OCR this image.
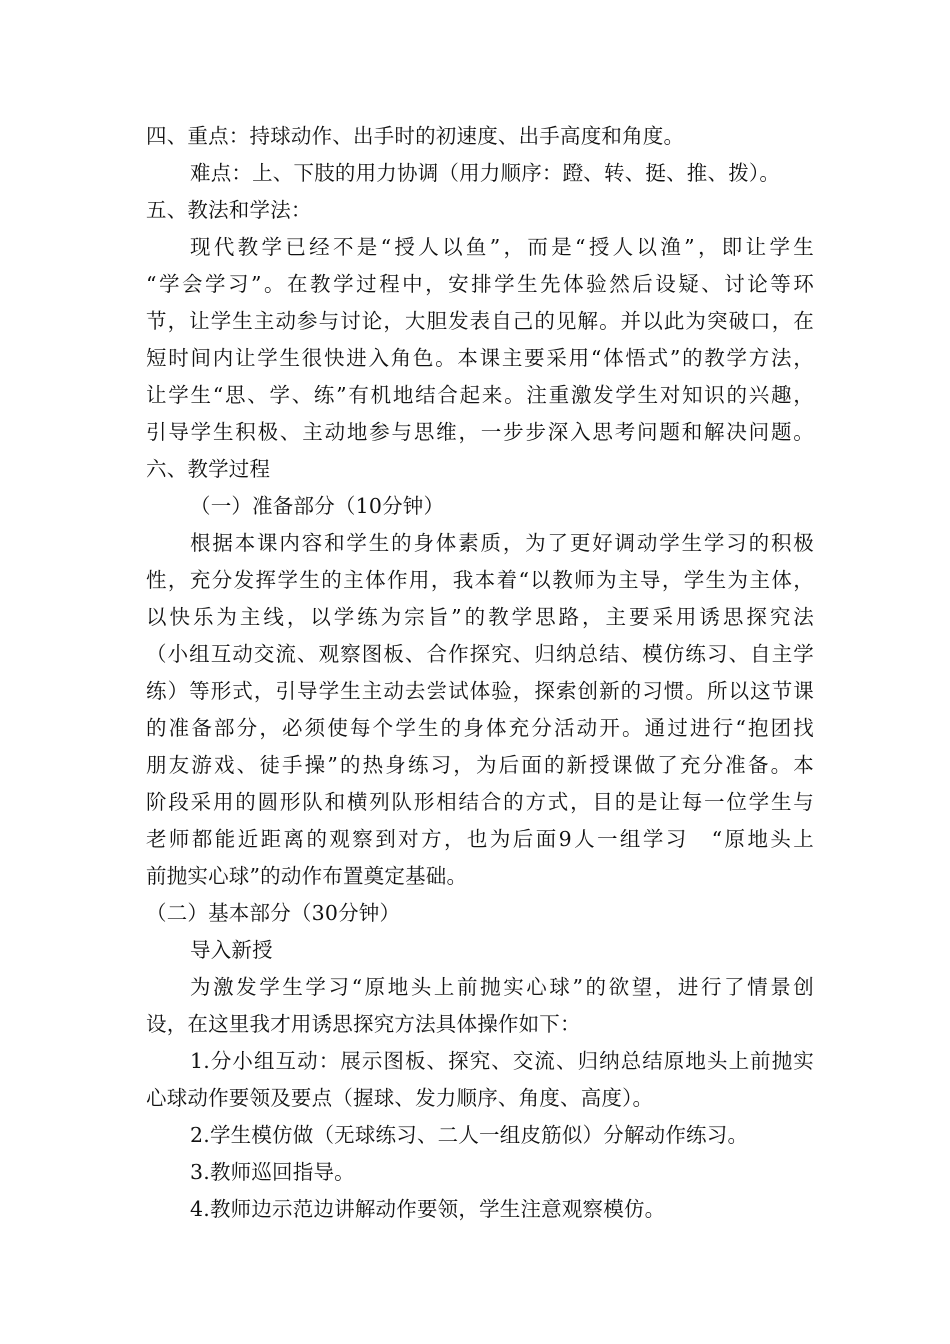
四、重点：持球动作、出手时的初速度、出手高度和角度。
难点：上、下肢的用力协调（用力顺序：蹬、转、挺、推、拨）。
五、教法和学法：
现代教学已经不是“授人以鱼”，而是“授人以渔”，即让学生
“学会学习”。在教学过程中，安排学生先体验然后设疑、讨论等环
节，让学生主动参与讨论，大胆发表自己的见解。并以此为突破口，在
短时间内让学生很快进入角色。本课主要采用“体悟式”的教学方法，
让学生“思、学、练”有机地结合起来。注重激发学生对知识的兴趣，
引导学生积极、主动地参与思维，一步步深入思考问题和解决问题。
六、教学过程
（一）准备部分（10分钟）
根据本课内容和学生的身体素质，为了更好调动学生学习的积极
性，充分发挥学生的主体作用，我本着“以教师为主导，学生为主体，
以快乐为主线，以学练为宗旨”的教学思路，主要采用诱思探究法
（小组互动交流、观察图板、合作探究、归纳总结、模仿练习、自主学
练）等形式，引导学生主动去尝试体验，探索创新的习惯。所以这节课
的准备部分，必须使每个学生的身体充分活动开。通过进行“抱团找
朋友游戏、徒手操”的热身练习，为后面的新授课做了充分准备。本
阶段采用的圆形队和横列队形相结合的方式，目的是让每一位学生与
老师都能近距离的观察到对方，也为后面9人一组学习　“原地头上
前抛实心球”的动作布置奠定基础。
（二）基本部分（30分钟）
导入新授
为激发学生学习“原地头上前抛实心球”的欲望，进行了情景创
设，在这里我才用诱思探究方法具体操作如下：
1.分小组互动：展示图板、探究、交流、归纳总结原地头上前抛实
心球动作要领及要点（握球、发力顺序、角度、高度）。
2.学生模仿做（无球练习、二人一组皮筋似）分解动作练习。
3.教师巡回指导。
4.教师边示范边讲解动作要领，学生注意观察模仿。
